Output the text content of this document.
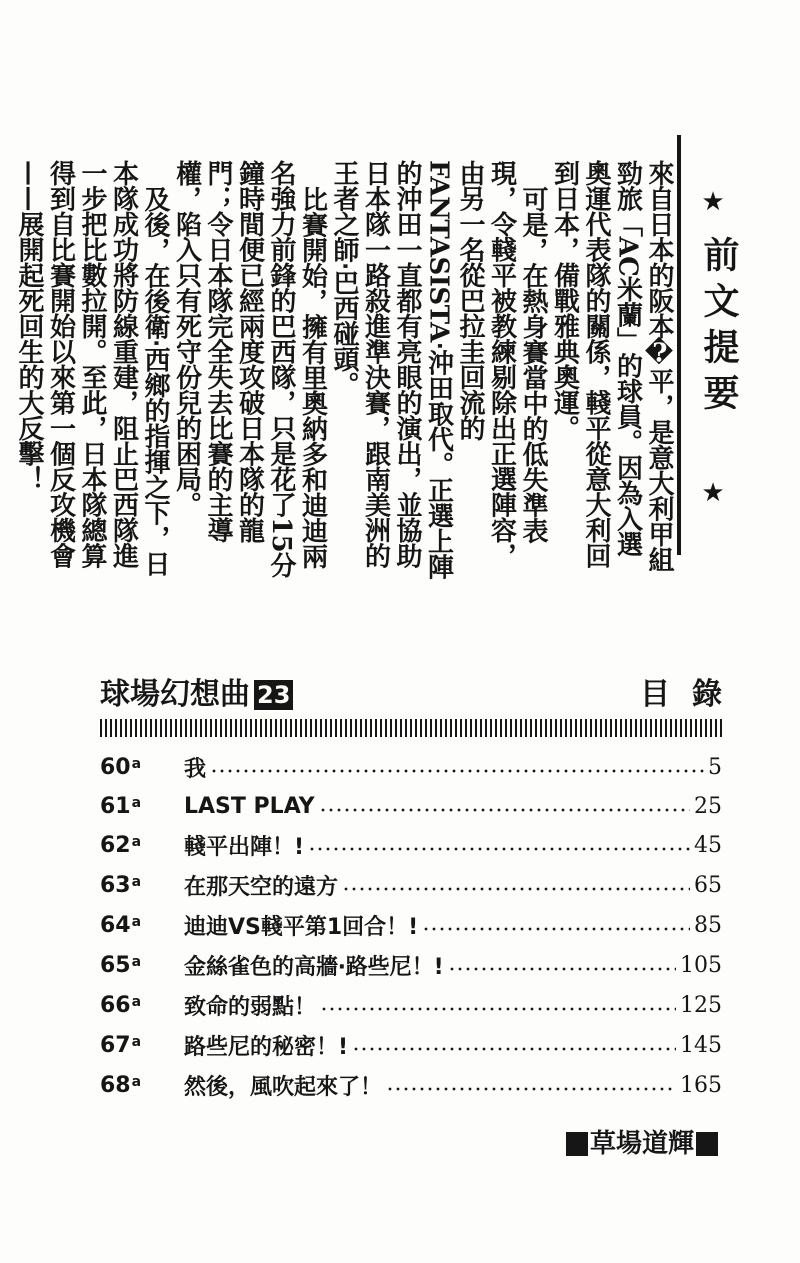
★
前文提要
★

來自日本的阪本�平，是意大利甲組勁旅「AC米蘭」的球員。因為入選奧運代表隊的關係，輚平從意大利回到日本，備戰雅典奧運。

可是，在熱身賽當中的低失準表現，令輚平被教練剔除出正選陣容，由另一名從巴拉圭回流的FANTASISTA‧沖田取代。正選上陣的沖田一直都有亮眼的演出，並協助日本隊一路殺進準決賽，跟南美洲的王者之師‧巴西碰頭。

比賽開始，擁有里奧納多和迪迪兩名強力前鋒的巴西隊，只是花了15分鐘時間便已經兩度攻破日本隊的龍門；令日本隊完全失去比賽的主導權，陷入只有死守份兒的困局。

及後，在後衛‧西鄉的指揮之下，日本隊成功將防線重建，阻止巴西隊進一步把比數拉開。至此，日本隊總算得到自比賽開始以來第一個反攻機會——展開起死回生的大反擊！

球場幻想曲 23	目錄
60$^a$	我	5
61$^a$	LAST PLAY	25
62$^a$	輚平出陣！!	45
63$^a$	在那天空的遠方	65
64$^a$	迪迪VS輚平第1回合！!	85
65$^a$	金絲雀色的高牆‧路些尼！!	105
66$^a$	致命的弱點！	125
67$^a$	路些尼的秘密！!	145
68$^a$	然後，風吹起來了！	165
草場道輝
